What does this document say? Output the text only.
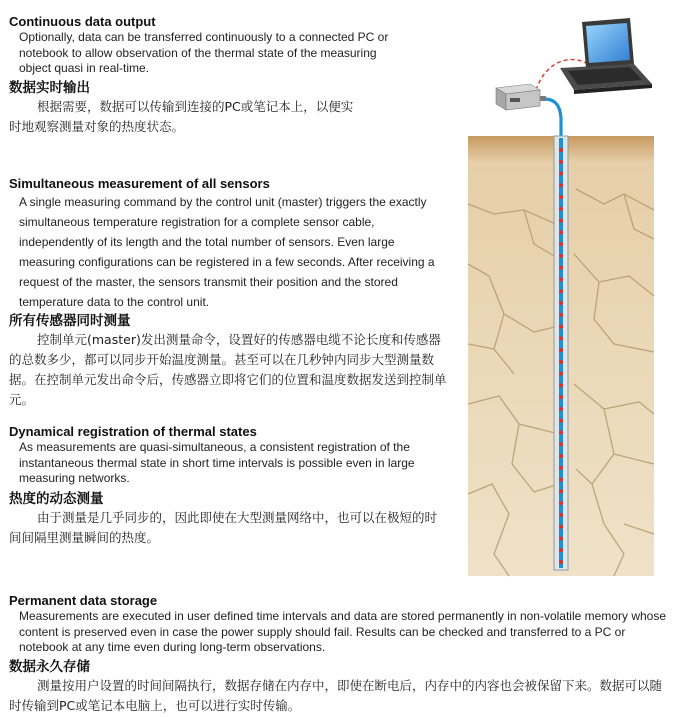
Continuous data output
Optionally, data can be transferred continuously to a connected PC or notebook to allow observation of the thermal state of the measuring object quasi in real-time.
数据实时输出
根据需要，数据可以传输到连接的PC或笔记本上，以便实时地观察测量对象的热度状态。
Simultaneous measurement of all sensors
A single measuring command by the control unit (master) triggers the exactly simultaneous temperature registration for a complete sensor cable, independently of its length and the total number of sensors. Even large measuring configurations can be registered in a few seconds. After receiving a request of the master, the sensors transmit their position and the stored temperature data to the control unit.
所有传感器同时测量
控制单元(master)发出测量命令，设置好的传感器电缆不论长度和传感器的总数多少，都可以同步开始温度测量。甚至可以在几秒钟内同步大型测量数据。在控制单元发出命令后，传感器立即将它们的位置和温度数据发送到控制单元。
Dynamical registration of thermal states
As measurements are quasi-simultaneous, a consistent registration of the instantaneous thermal state in short time intervals is possible even in large measuring networks.
热度的动态测量
由于测量是几乎同步的，因此即使在大型测量网络中，也可以在极短的时间间隔里测量瞬间的热度。
Permanent data storage
Measurements are executed in user defined time intervals and data are stored permanently in non-volatile memory whose content is preserved even in case the power supply should fail. Results can be checked and transferred to a PC or notebook at any time even during long-term observations.
数据永久存储
测量按用户设置的时间间隔执行，数据存储在内存中，即使在断电后，内存中的内容也会被保留下来。数据可以随时传输到PC或笔记本电脑上，也可以进行实时传输。
